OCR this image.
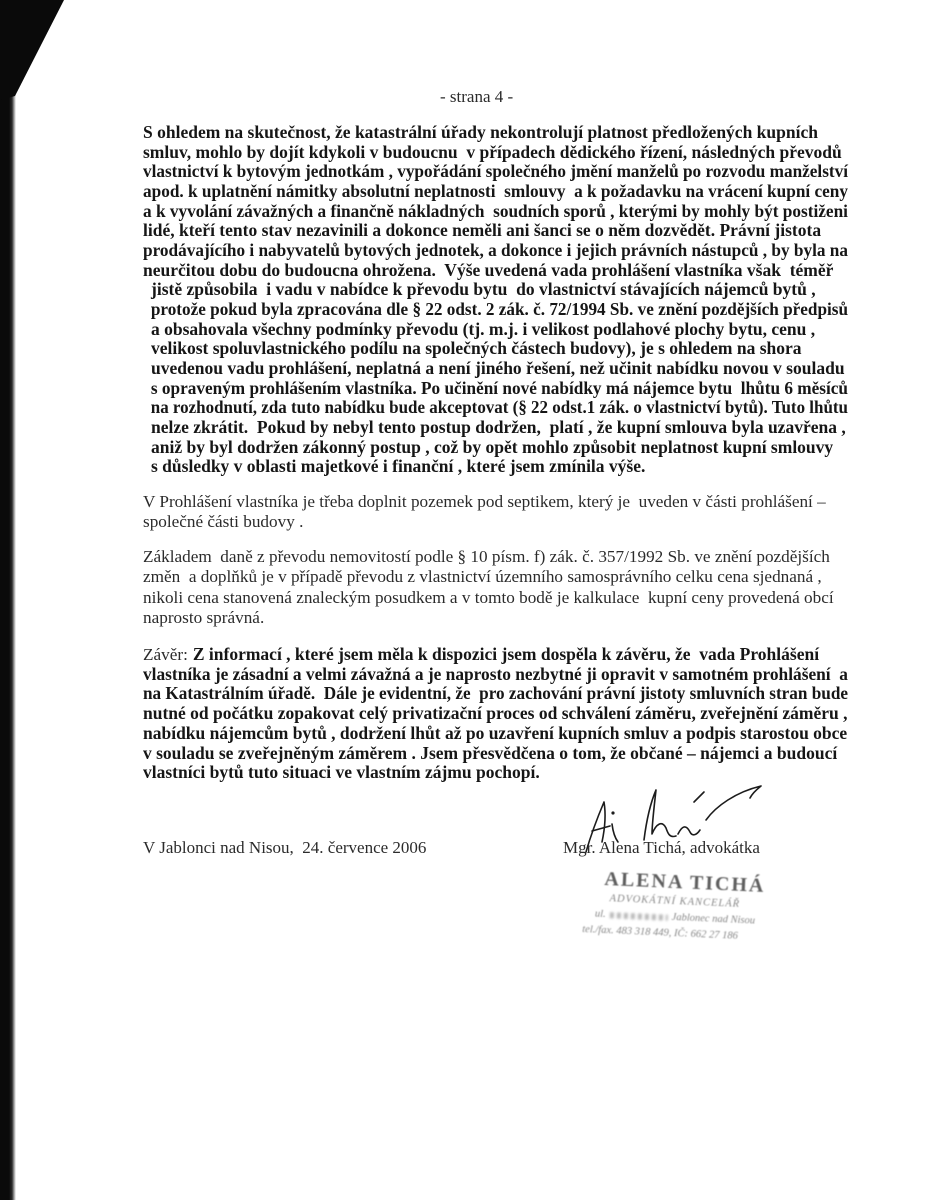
- strana 4 -
S ohledem na skutečnost, že katastrální úřady nekontrolují platnost předložených kupních
smluv, mohlo by dojít kdykoli v budoucnu  v případech dědického řízení, následných převodů
vlastnictví k bytovým jednotkám , vypořádání společného jmění manželů po rozvodu manželství
apod. k uplatnění námitky absolutní neplatnosti  smlouvy  a k požadavku na vrácení kupní ceny
a k vyvolání závažných a finančně nákladných  soudních sporů , kterými by mohly být postiženi
lidé, kteří tento stav nezavinili a dokonce neměli ani šanci se o něm dozvědět. Právní jistota
prodávajícího i nabyvatelů bytových jednotek, a dokonce i jejich právních nástupců , by byla na
neurčitou dobu do budoucna ohrožena.  Výše uvedená vada prohlášení vlastníka však  téměř
jistě způsobila  i vadu v nabídce k převodu bytu  do vlastnictví stávajících nájemců bytů ,
protože pokud byla zpracována dle § 22 odst. 2 zák. č. 72/1994 Sb. ve znění pozdějších předpisů
a obsahovala všechny podmínky převodu (tj. m.j. i velikost podlahové plochy bytu, cenu ,
velikost spoluvlastnického podílu na společných částech budovy), je s ohledem na shora
uvedenou vadu prohlášení, neplatná a není jiného řešení, než učinit nabídku novou v souladu
s opraveným prohlášením vlastníka. Po učinění nové nabídky má nájemce bytu  lhůtu 6 měsíců
na rozhodnutí, zda tuto nabídku bude akceptovat (§ 22 odst.1 zák. o vlastnictví bytů). Tuto lhůtu
nelze zkrátit.  Pokud by nebyl tento postup dodržen,  platí , že kupní smlouva byla uzavřena ,
aniž by byl dodržen zákonný postup , což by opět mohlo způsobit neplatnost kupní smlouvy
s důsledky v oblasti majetkové i finanční , které jsem zmínila výše.
V Prohlášení vlastníka je třeba doplnit pozemek pod septikem, který je  uveden v části prohlášení –
společné části budovy .
Základem  daně z převodu nemovitostí podle § 10 písm. f) zák. č. 357/1992 Sb. ve znění pozdějších
změn  a doplňků je v případě převodu z vlastnictví územního samosprávního celku cena sjednaná ,
nikoli cena stanovená znaleckým posudkem a v tomto bodě je kalkulace  kupní ceny provedená obcí
naprosto správná.
Závěr: Z informací , které jsem měla k dispozici jsem dospěla k závěru, že  vada Prohlášení
vlastníka je zásadní a velmi závažná a je naprosto nezbytné ji opravit v samotném prohlášení  a
na Katastrálním úřadě.  Dále je evidentní, že  pro zachování právní jistoty smluvních stran bude
nutné od počátku zopakovat celý privatizační proces od schválení záměru, zveřejnění záměru ,
nabídku nájemcům bytů , dodržení lhůt až po uzavření kupních smluv a podpis starostou obce
v souladu se zveřejněným záměrem . Jsem přesvědčena o tom, že občané – nájemci a budoucí
vlastníci bytů tuto situaci ve vlastním zájmu pochopí.
V Jablonci nad Nisou,  24. července 2006	Mgr. Alena Tichá, advokátka
ALENA TICHÁ
ADVOKÁTNÍ KANCELÁŘ
ul.	Jablonec nad Nisou
tel./fax. 483 318 449, IČ: 662 27 186
